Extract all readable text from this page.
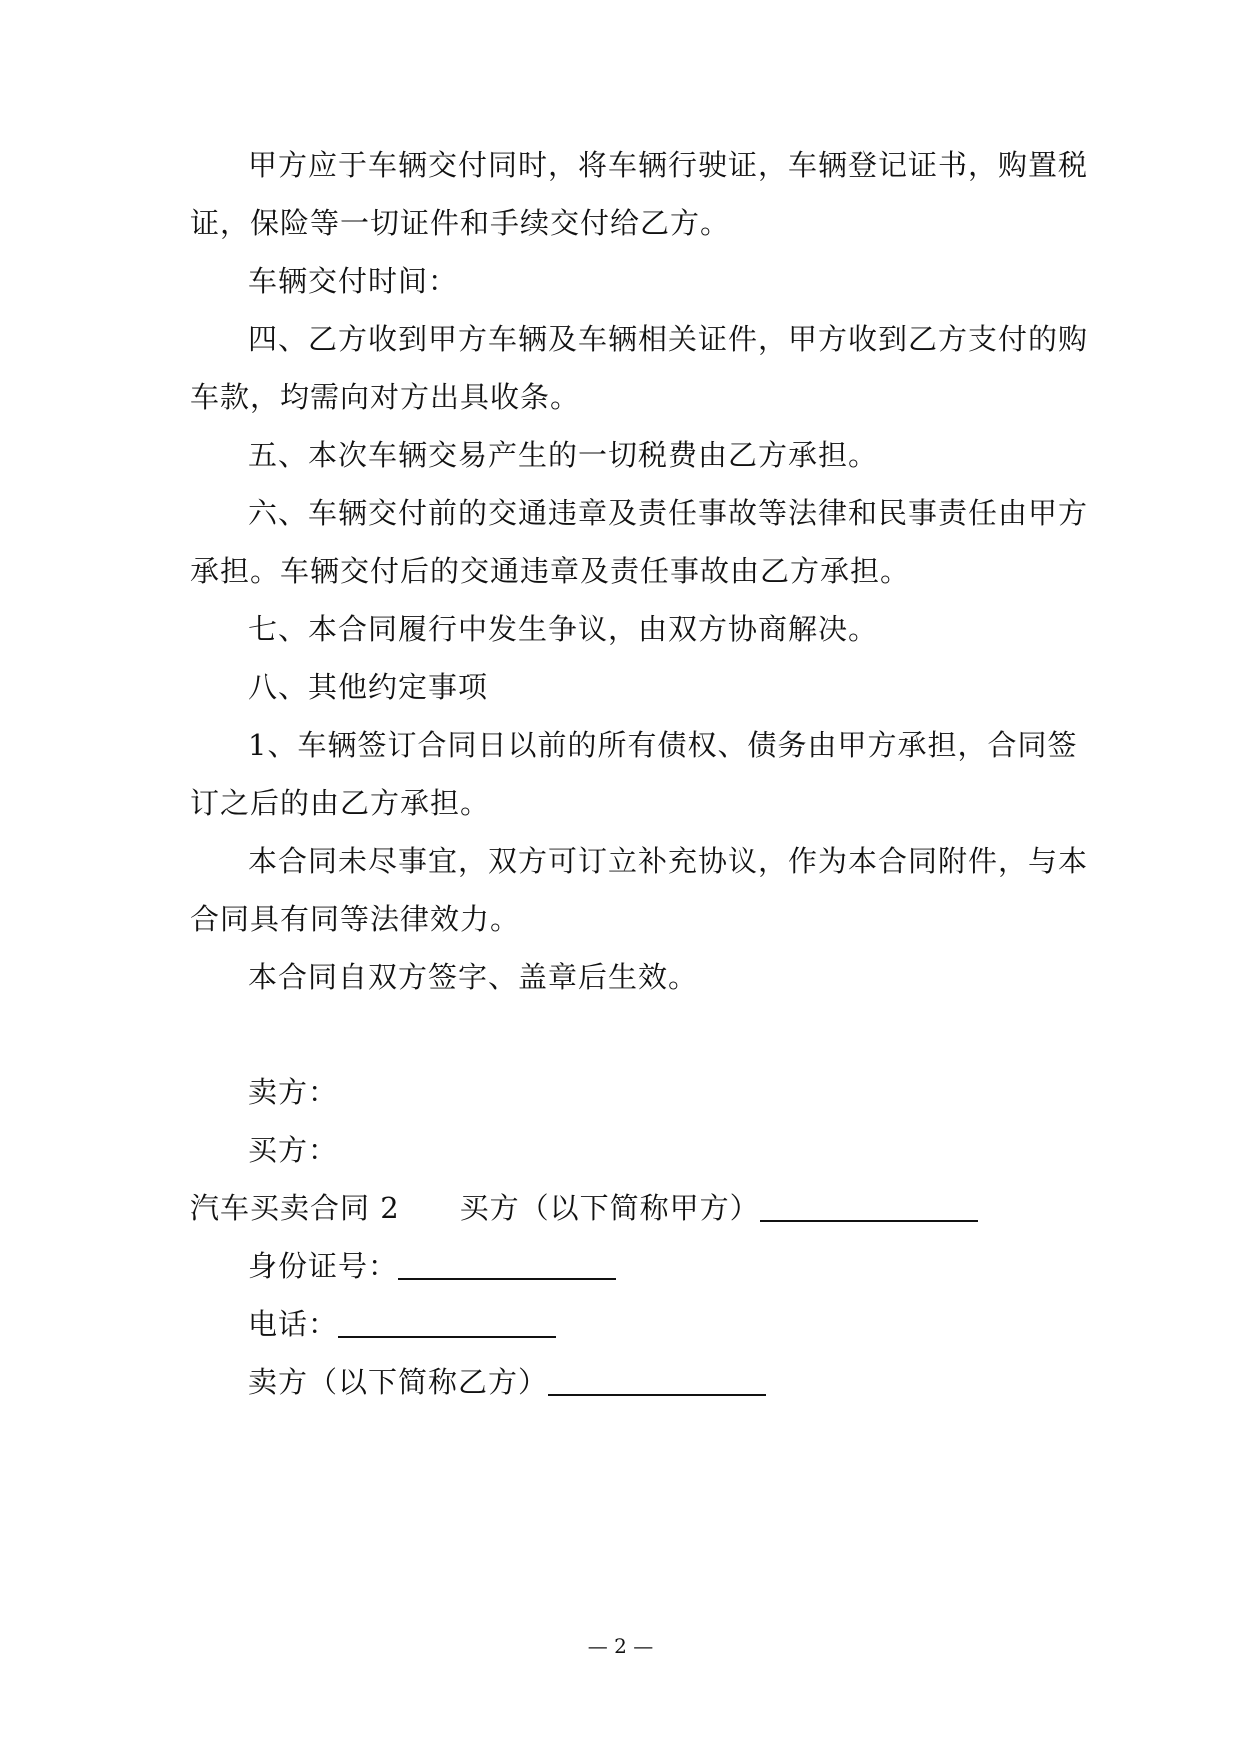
甲方应于车辆交付同时，将车辆行驶证，车辆登记证书，购置税
证，保险等一切证件和手续交付给乙方。
车辆交付时间：
四、乙方收到甲方车辆及车辆相关证件，甲方收到乙方支付的购
车款，均需向对方出具收条。
五、本次车辆交易产生的一切税费由乙方承担。
六、车辆交付前的交通违章及责任事故等法律和民事责任由甲方
承担。车辆交付后的交通违章及责任事故由乙方承担。
七、本合同履行中发生争议，由双方协商解决。
八、其他约定事项
1、车辆签订合同日以前的所有债权、债务由甲方承担，合同签
订之后的由乙方承担。
本合同未尽事宜，双方可订立补充协议，作为本合同附件，与本
合同具有同等法律效力。
本合同自双方签字、盖章后生效。
卖方：
买方：
汽车买卖合同 2 买方（以下简称甲方）
身份证号：
电话：
卖方（以下简称乙方）
— 2 —
